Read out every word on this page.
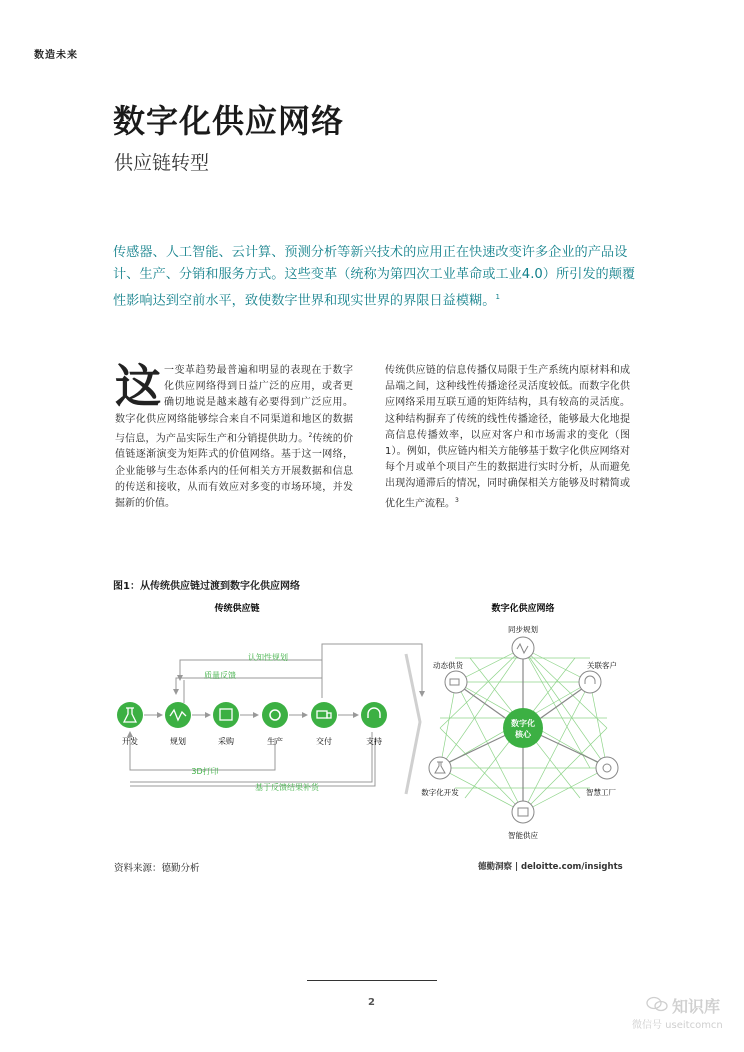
数造未来
数字化供应网络
供应链转型
传感器、人工智能、云计算、预测分析等新兴技术的应用正在快速改变许多企业的产品设计、生产、分销和服务方式。这些变革（统称为第四次工业革命或工业4.0）所引发的颠覆性影响达到空前水平，致使数字世界和现实世界的界限日益模糊。$^1$
这一变革趋势最普遍和明显的表现在于数字化供应网络得到日益广泛的应用，或者更确切地说是越来越有必要得到广泛应用。数字化供应网络能够综合来自不同渠道和地区的数据与信息，为产品实际生产和分销提供助力。$^2$传统的价值链逐渐演变为矩阵式的价值网络。基于这一网络，企业能够与生态体系内的任何相关方开展数据和信息的传送和接收，从而有效应对多变的市场环境，并发掘新的价值。
传统供应链的信息传播仅局限于生产系统内原材料和成品端之间，这种线性传播途径灵活度较低。而数字化供应网络采用互联互通的矩阵结构，具有较高的灵活度。这种结构摒弃了传统的线性传播途径，能够最大化地提高信息传播效率，以应对客户和市场需求的变化（图1）。例如，供应链内相关方能够基于数字化供应网络对每个月或单个项目产生的数据进行实时分析，从而避免出现沟通滞后的情况，同时确保相关方能够及时精简或优化生产流程。$^3$
图1：从传统供应链过渡到数字化供应网络
传统供应链
认知性规划
质量反馈
3D打印
基于反馈结果补货
开发	规划	采购	生产	交付	支持
数字化供应网络
数字化
核心
同步规划
关联客户
智慧工厂
智能供应
数字化开发
动态供货
资料来源：德勤分析	德勤洞察 | deloitte.com/insights
2	知识库
微信号 useitcomcn
